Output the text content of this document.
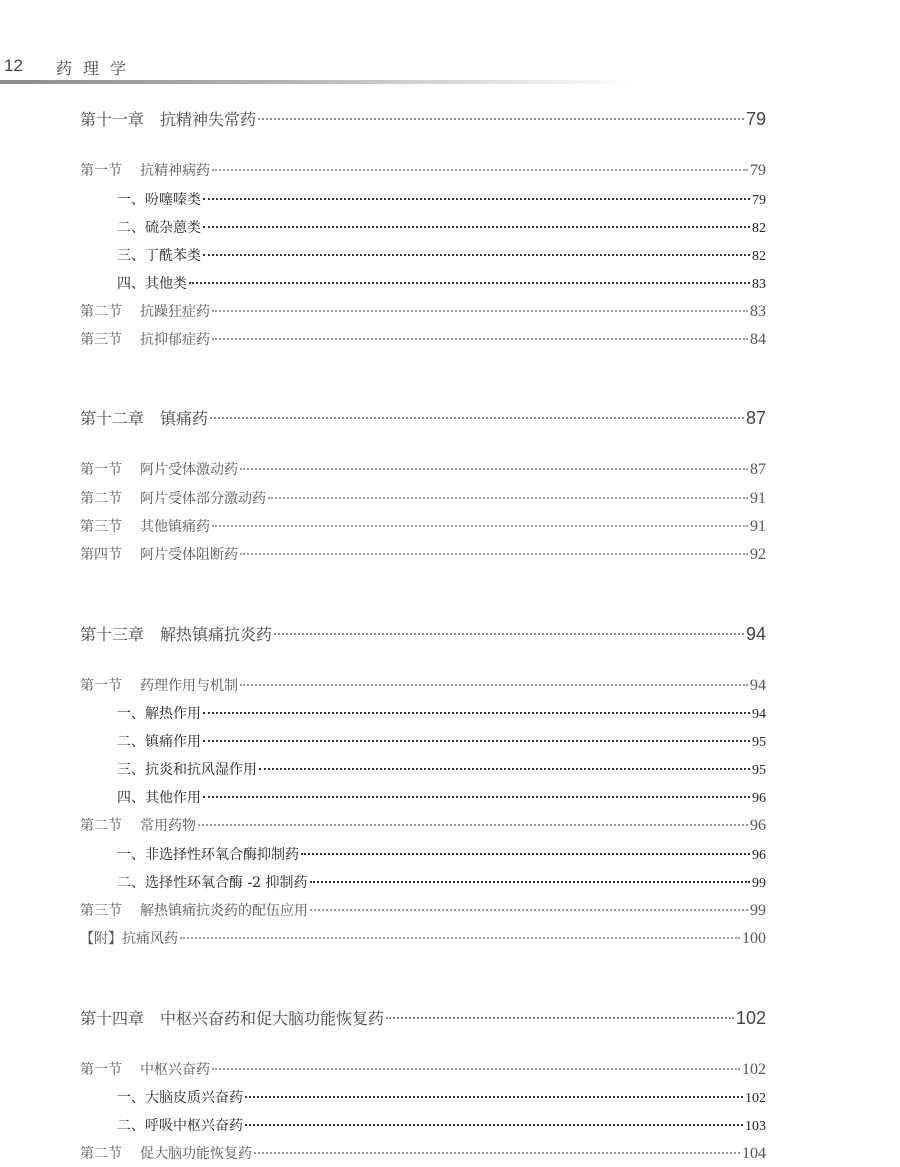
12 药理学
第十一章 抗精神失常药	79
第一节 抗精神病药	79
一、吩噻嗪类	79
二、硫杂蒽类	82
三、丁酰苯类	82
四、其他类	83
第二节 抗躁狂症药	83
第三节 抗抑郁症药	84
第十二章 镇痛药	87
第一节 阿片受体激动药	87
第二节 阿片受体部分激动药	91
第三节 其他镇痛药	91
第四节 阿片受体阻断药	92
第十三章 解热镇痛抗炎药	94
第一节 药理作用与机制	94
一、解热作用	94
二、镇痛作用	95
三、抗炎和抗风湿作用	95
四、其他作用	96
第二节 常用药物	96
一、非选择性环氧合酶抑制药	96
二、选择性环氧合酶 -2 抑制药	99
第三节 解热镇痛抗炎药的配伍应用	99
【附】抗痛风药	100
第十四章 中枢兴奋药和促大脑功能恢复药	102
第一节 中枢兴奋药	102
一、大脑皮质兴奋药	102
二、呼吸中枢兴奋药	103
第二节 促大脑功能恢复药	104
